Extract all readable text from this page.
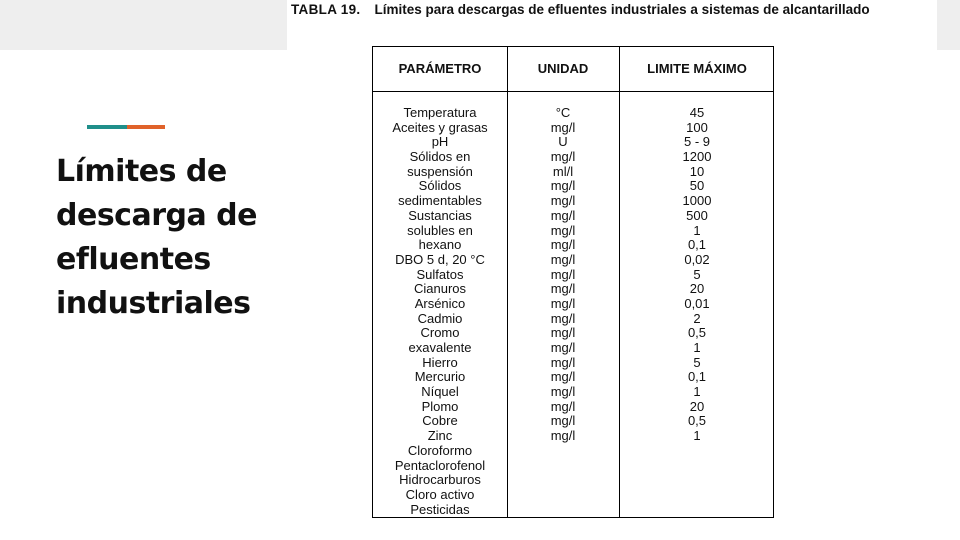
Límites de
descarga de
efluentes
industriales
TABLA 19. Límites para descargas de efluentes industriales a sistemas de alcantarillado
PARÁMETRO	UNIDAD	LIMITE MÁXIMO
Temperatura
Aceites y grasas
pH
Sólidos en
suspensión
Sólidos
sedimentables
Sustancias
solubles en
hexano
DBO 5 d, 20 °C
Sulfatos
Cianuros
Arsénico
Cadmio
Cromo
exavalente
Hierro
Mercurio
Níquel
Plomo
Cobre
Zinc
Cloroformo
Pentaclorofenol
Hidrocarburos
Cloro activo
Pesticidas
°C
mg/l
U
mg/l
ml/l
mg/l
mg/l
mg/l
mg/l
mg/l
mg/l
mg/l
mg/l
mg/l
mg/l
mg/l
mg/l
mg/l
mg/l
mg/l
mg/l
mg/l
mg/l
45
100
5 - 9
1200
10
50
1000
500
1
0,1
0,02
5
20
0,01
2
0,5
1
5
0,1
1
20
0,5
1
